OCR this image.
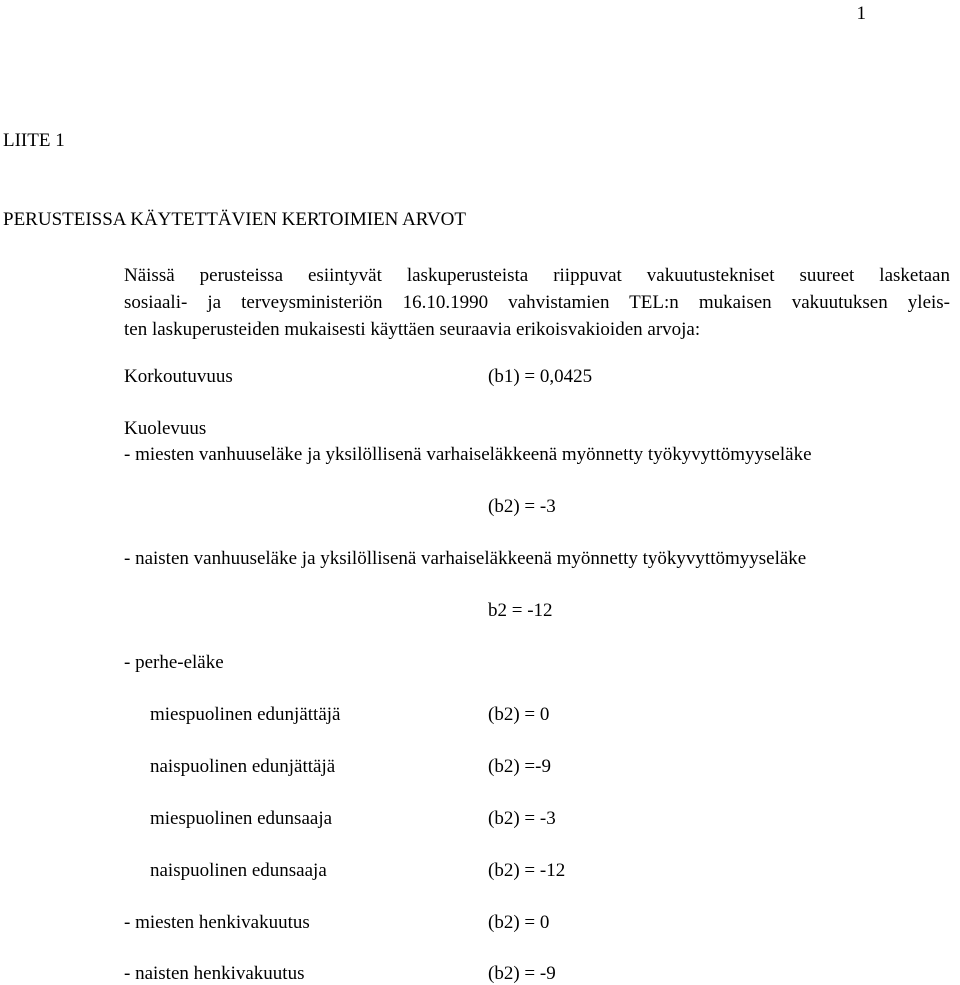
1
LIITE 1
PERUSTEISSA KÄYTETTÄVIEN KERTOIMIEN ARVOT

Näissä perusteissa esiintyvät laskuperusteista riippuvat vakuutustekniset suureet lasketaan
sosiaali- ja terveysministeriön 16.10.1990 vahvistamien TEL:n mukaisen vakuutuksen yleis-
ten laskuperusteiden mukaisesti käyttäen seuraavia erikoisvakioiden arvoja:

Korkoutuvuus	(b1) = 0,0425
Kuolevuus
- miesten vanhuuseläke ja yksilöllisenä varhaiseläkkeenä myönnetty työkyvyttömyyseläke
(b2) = -3
- naisten vanhuuseläke ja yksilöllisenä varhaiseläkkeenä myönnetty työkyvyttömyyseläke
b2 = -12
- perhe-eläke
miespuolinen edunjättäjä	(b2) = 0
naispuolinen edunjättäjä	(b2) =-9
miespuolinen edunsaaja	(b2) = -3
naispuolinen edunsaaja	(b2) = -12
- miesten henkivakuutus	(b2) = 0
- naisten henkivakuutus	(b2) = -9
